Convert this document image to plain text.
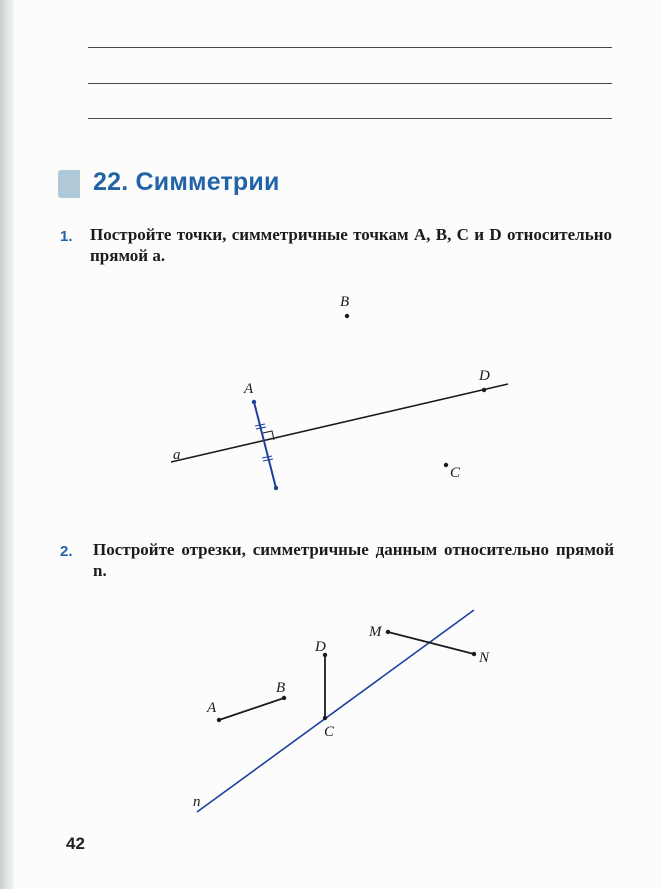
22. Симметрии
1. Постройте точки, симметричные точкам A, B, C и D относительно прямой a.
a
A
B
C
D
2. Постройте отрезки, симметричные данным относительно прямой n.
n
A
B
C
D
M
N
42
